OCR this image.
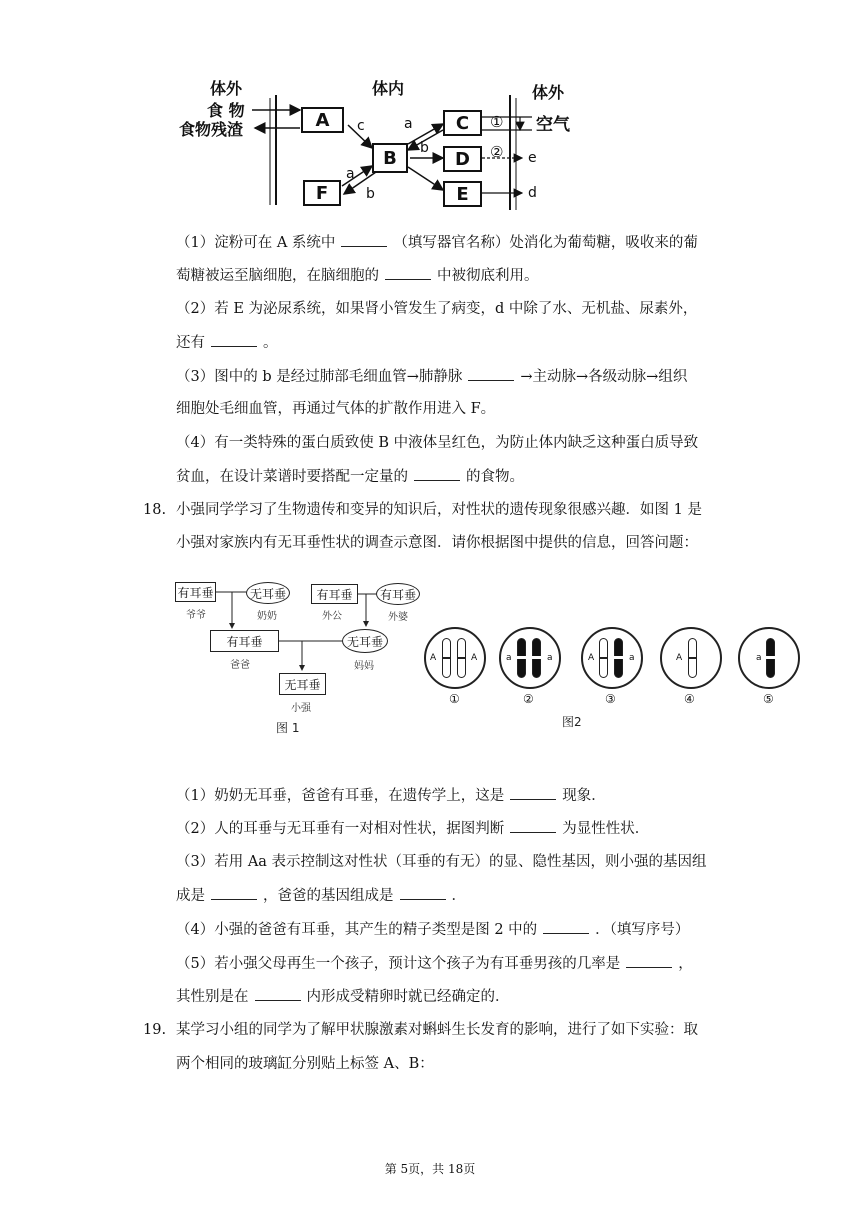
体外	体内	体外
食 物
食物残渣	空气
A
B
C
D
E
F
c	a
b
a
b
e
d
①
②
（1）淀粉可在 A 系统中	（填写器官名称）处消化为葡萄糖，吸收来的葡
萄糖被运至脑细胞，在脑细胞的	中被彻底利用。
（2）若 E 为泌尿系统，如果肾小管发生了病变，d 中除了水、无机盐、尿素外，
还有	。
（3）图中的 b 是经过肺部毛细血管→肺静脉	→主动脉→各级动脉→组织
细胞处毛细血管，再通过气体的扩散作用进入 F。
（4）有一类特殊的蛋白质致使 B 中液体呈红色，为防止体内缺乏这种蛋白质导致
贫血，在设计菜谱时要搭配一定量的	的食物。
18. 小强同学学习了生物遗传和变异的知识后，对性状的遗传现象很感兴趣．如图 1 是
小强对家族内有无耳垂性状的调查示意图．请你根据图中提供的信息，回答问题：
有耳垂
爷爷
无耳垂
奶奶
有耳垂
外公
有耳垂
外婆
有耳垂
爸爸
无耳垂
妈妈
无耳垂
小强
图 1
A	A
①
a	a
②
A	a
③
A
④
a
⑤
图2
（1）奶奶无耳垂，爸爸有耳垂，在遗传学上，这是	现象．
（2）人的耳垂与无耳垂有一对相对性状，据图判断	为显性性状．
（3）若用 Aa 表示控制这对性状（耳垂的有无）的显、隐性基因，则小强的基因组
成是	，爸爸的基因组成是	．
（4）小强的爸爸有耳垂，其产生的精子类型是图 2 中的	．（填写序号）
（5）若小强父母再生一个孩子，预计这个孩子为有耳垂男孩的几率是	，
其性别是在	内形成受精卵时就已经确定的．
19. 某学习小组的同学为了解甲状腺激素对蝌蚪生长发育的影响，进行了如下实验：取
两个相同的玻璃缸分别贴上标签 A、B：
第 5页，共 18页
